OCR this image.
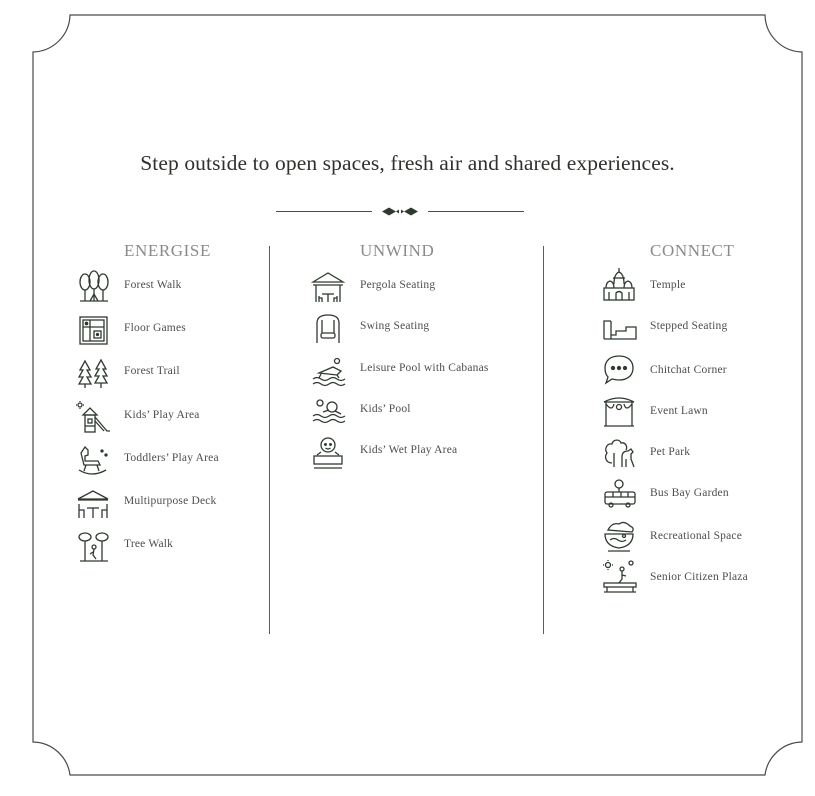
Step outside to open spaces, fresh air and shared experiences.
ENERGISE	UNWIND	CONNECT
Forest Walk
Floor Games
Forest Trail
Kids’ Play Area
Toddlers’ Play Area
Multipurpose Deck
Tree Walk
Pergola Seating
Swing Seating
Leisure Pool with Cabanas
Kids’ Pool
Kids’ Wet Play Area
Temple
Stepped Seating
Chitchat Corner
Event Lawn
Pet Park
Bus Bay Garden
Recreational Space
Senior Citizen Plaza
